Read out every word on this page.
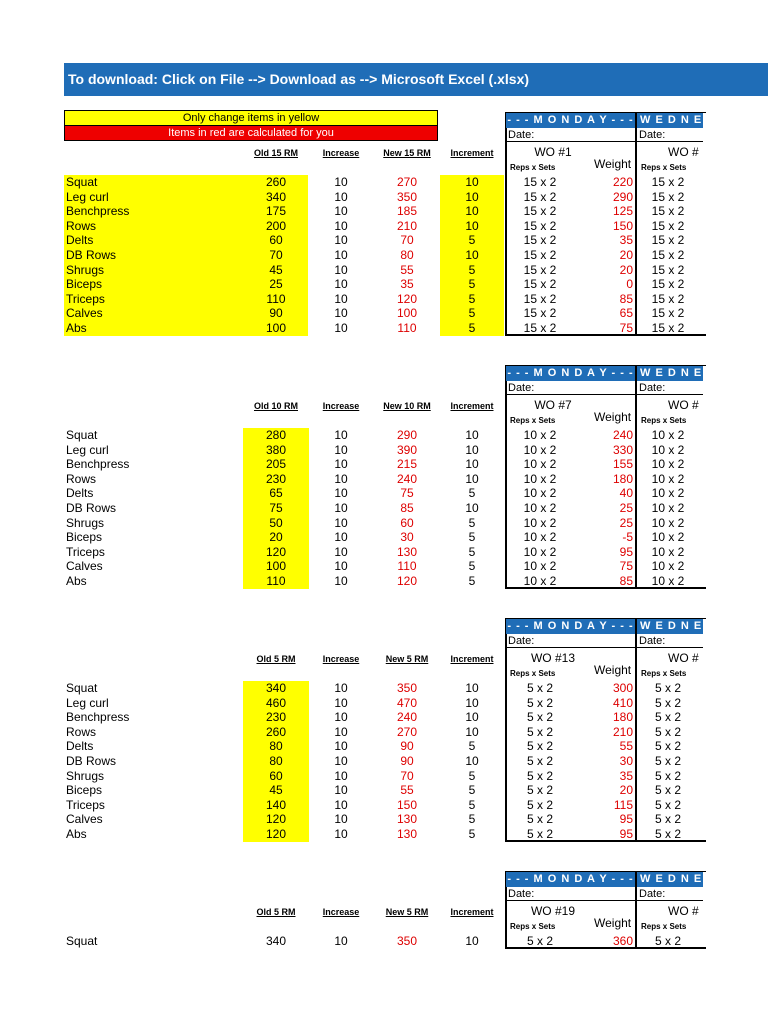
To download: Click on File --> Download as --> Microsoft Excel (.xlsx)
Only change items in yellow
Items in red are calculated for you
Old 15 RM	Increase	New 15 RM	Increment
Squat	260	10	270	10	15 x 2	220	15 x 2
Leg curl	340	10	350	10	15 x 2	290	15 x 2
Benchpress	175	10	185	10	15 x 2	125	15 x 2
Rows	200	10	210	10	15 x 2	150	15 x 2
Delts	60	10	70	5	15 x 2	35	15 x 2
DB Rows	70	10	80	10	15 x 2	20	15 x 2
Shrugs	45	10	55	5	15 x 2	20	15 x 2
Biceps	25	10	35	5	15 x 2	0	15 x 2
Triceps	110	10	120	5	15 x 2	85	15 x 2
Calves	90	10	100	5	15 x 2	65	15 x 2
Abs	100	10	110	5	15 x 2	75	15 x 2
- - - M O N D A Y - - -
Date:
WO #1
Reps x Sets	Weight
W E D N E
Date:
WO #
Reps x Sets
Old 10 RM	Increase	New 10 RM	Increment
Squat	280	10	290	10	10 x 2	240	10 x 2
Leg curl	380	10	390	10	10 x 2	330	10 x 2
Benchpress	205	10	215	10	10 x 2	155	10 x 2
Rows	230	10	240	10	10 x 2	180	10 x 2
Delts	65	10	75	5	10 x 2	40	10 x 2
DB Rows	75	10	85	10	10 x 2	25	10 x 2
Shrugs	50	10	60	5	10 x 2	25	10 x 2
Biceps	20	10	30	5	10 x 2	-5	10 x 2
Triceps	120	10	130	5	10 x 2	95	10 x 2
Calves	100	10	110	5	10 x 2	75	10 x 2
Abs	110	10	120	5	10 x 2	85	10 x 2
- - - M O N D A Y - - -
Date:
WO #7
Reps x Sets	Weight
W E D N E
Date:
WO #
Reps x Sets
Old 5 RM	Increase	New 5 RM	Increment
Squat	340	10	350	10	5 x 2	300	5 x 2
Leg curl	460	10	470	10	5 x 2	410	5 x 2
Benchpress	230	10	240	10	5 x 2	180	5 x 2
Rows	260	10	270	10	5 x 2	210	5 x 2
Delts	80	10	90	5	5 x 2	55	5 x 2
DB Rows	80	10	90	10	5 x 2	30	5 x 2
Shrugs	60	10	70	5	5 x 2	35	5 x 2
Biceps	45	10	55	5	5 x 2	20	5 x 2
Triceps	140	10	150	5	5 x 2	115	5 x 2
Calves	120	10	130	5	5 x 2	95	5 x 2
Abs	120	10	130	5	5 x 2	95	5 x 2
- - - M O N D A Y - - -
Date:
WO #13
Reps x Sets	Weight
W E D N E
Date:
WO #
Reps x Sets
Old 5 RM	Increase	New 5 RM	Increment
Squat	340	10	350	10	5 x 2	360	5 x 2
- - - M O N D A Y - - -
Date:
WO #19
Reps x Sets	Weight
W E D N E
Date:
WO #
Reps x Sets
